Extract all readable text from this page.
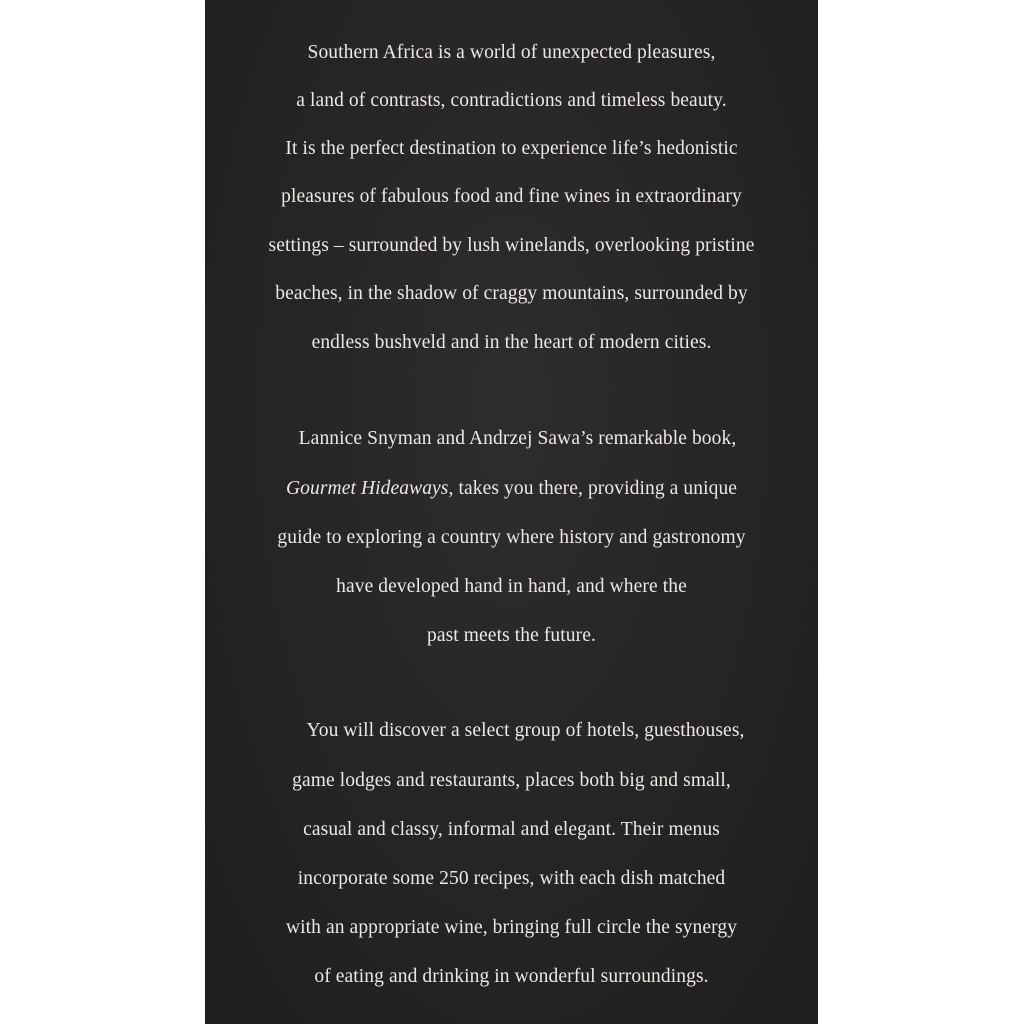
Southern Africa is a world of unexpected pleasures,
a land of contrasts, contradictions and timeless beauty.
It is the perfect destination to experience life’s hedonistic
pleasures of fabulous food and fine wines in extraordinary
settings – surrounded by lush winelands, overlooking pristine
beaches, in the shadow of craggy mountains, surrounded by
endless bushveld and in the heart of modern cities.
Lannice Snyman and Andrzej Sawa’s remarkable book,
Gourmet Hideaways, takes you there, providing a unique
guide to exploring a country where history and gastronomy
have developed hand in hand, and where the
past meets the future.
You will discover a select group of hotels, guesthouses,
game lodges and restaurants, places both big and small,
casual and classy, informal and elegant. Their menus
incorporate some 250 recipes, with each dish matched
with an appropriate wine, bringing full circle the synergy
of eating and drinking in wonderful surroundings.
